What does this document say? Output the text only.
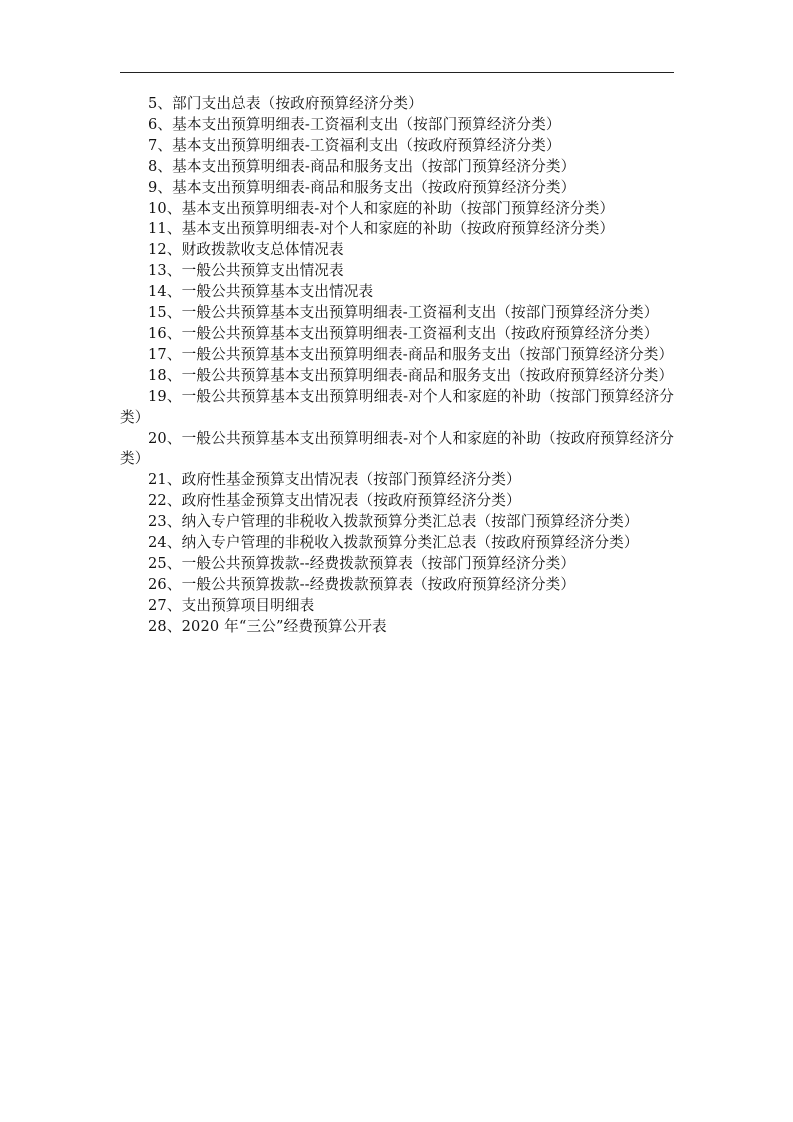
5、部门支出总表（按政府预算经济分类）
6、基本支出预算明细表-工资福利支出（按部门预算经济分类）
7、基本支出预算明细表-工资福利支出（按政府预算经济分类）
8、基本支出预算明细表-商品和服务支出（按部门预算经济分类）
9、基本支出预算明细表-商品和服务支出（按政府预算经济分类）
10、基本支出预算明细表-对个人和家庭的补助（按部门预算经济分类）
11、基本支出预算明细表-对个人和家庭的补助（按政府预算经济分类）
12、财政拨款收支总体情况表
13、一般公共预算支出情况表
14、一般公共预算基本支出情况表
15、一般公共预算基本支出预算明细表-工资福利支出（按部门预算经济分类）
16、一般公共预算基本支出预算明细表-工资福利支出（按政府预算经济分类）
17、一般公共预算基本支出预算明细表-商品和服务支出（按部门预算经济分类）
18、一般公共预算基本支出预算明细表-商品和服务支出（按政府预算经济分类）
19、一般公共预算基本支出预算明细表-对个人和家庭的补助（按部门预算经济分类）
20、一般公共预算基本支出预算明细表-对个人和家庭的补助（按政府预算经济分类）
21、政府性基金预算支出情况表（按部门预算经济分类）
22、政府性基金预算支出情况表（按政府预算经济分类）
23、纳入专户管理的非税收入拨款预算分类汇总表（按部门预算经济分类）
24、纳入专户管理的非税收入拨款预算分类汇总表（按政府预算经济分类）
25、一般公共预算拨款--经费拨款预算表（按部门预算经济分类）
26、一般公共预算拨款--经费拨款预算表（按政府预算经济分类）
27、支出预算项目明细表
28、2020 年“三公”经费预算公开表
